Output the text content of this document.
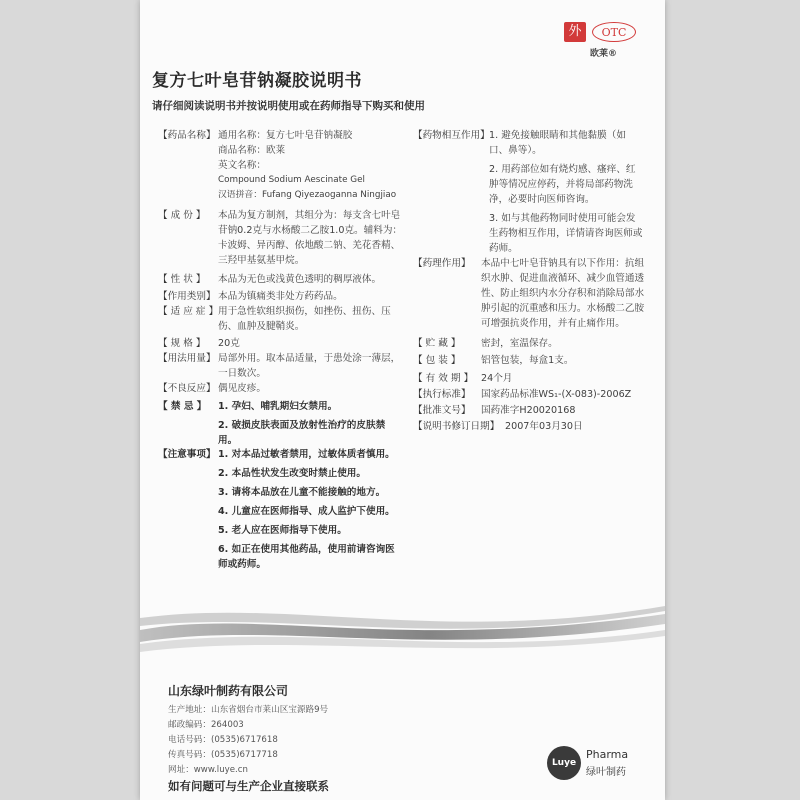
外	OTC
欧莱®
复方七叶皂苷钠凝胶说明书
请仔细阅读说明书并按说明使用或在药师指导下购买和使用
【药品名称】 通用名称：复方七叶皂苷钠凝胶
商品名称：欧莱
英文名称：
Compound Sodium Aescinate Gel
汉语拼音：Fufang Qiyezaoganna Ningjiao
【 成 份 】	本品为复方制剂，其组分为：每支含七叶皂苷钠0.2克与水杨酸二乙胺1.0克。辅料为：卡波姆、异丙醇、依地酸二钠、羌花香精、三羟甲基氨基甲烷。
【 性 状 】	本品为无色或浅黄色透明的稠厚液体。
【作用类别】 本品为镇痛类非处方药药品。
【 适 应 症 】 用于急性软组织损伤，如挫伤、扭伤、压伤、血肿及腱鞘炎。
【 规 格 】	20克
【用法用量】 局部外用。取本品适量，于患处涂一薄层，一日数次。
【不良反应】 偶见皮疹。
【 禁 忌 】	1. 孕妇、哺乳期妇女禁用。
2. 破损皮肤表面及放射性治疗的皮肤禁用。
【注意事项】 1. 对本品过敏者禁用，过敏体质者慎用。
2. 本品性状发生改变时禁止使用。
3. 请将本品放在儿童不能接触的地方。
4. 儿童应在医师指导、成人监护下使用。
5. 老人应在医师指导下使用。
6. 如正在使用其他药品，使用前请咨询医师或药师。
【药物相互作用】 1. 避免接触眼睛和其他黏膜（如口、鼻等）。
2. 用药部位如有烧灼感、瘙痒、红肿等情况应停药，并将局部药物洗净，必要时向医师咨询。
3. 如与其他药物同时使用可能会发生药物相互作用，详情请咨询医师或药师。
【药理作用】	本品中七叶皂苷钠具有以下作用：抗组织水肿、促进血液循环、减少血管通透性、防止组织内水分存积和消除局部水肿引起的沉重感和压力。水杨酸二乙胺可增强抗炎作用，并有止痛作用。
【 贮 藏 】	密封，室温保存。
【 包 装 】	铝管包装，每盒1支。
【 有 效 期 】 24个月
【执行标准】	国家药品标准WS₁-(X-083)-2006Z
【批准文号】	国药准字H20020168
【说明书修订日期】 2007年03月30日
山东绿叶制药有限公司
生产地址：山东省烟台市莱山区宝源路9号
邮政编码：264003
电话号码：(0535)6717618
传真号码：(0535)6717718
网址：www.luye.cn
如有问题可与生产企业直接联系
Luye
Pharma
绿叶制药
